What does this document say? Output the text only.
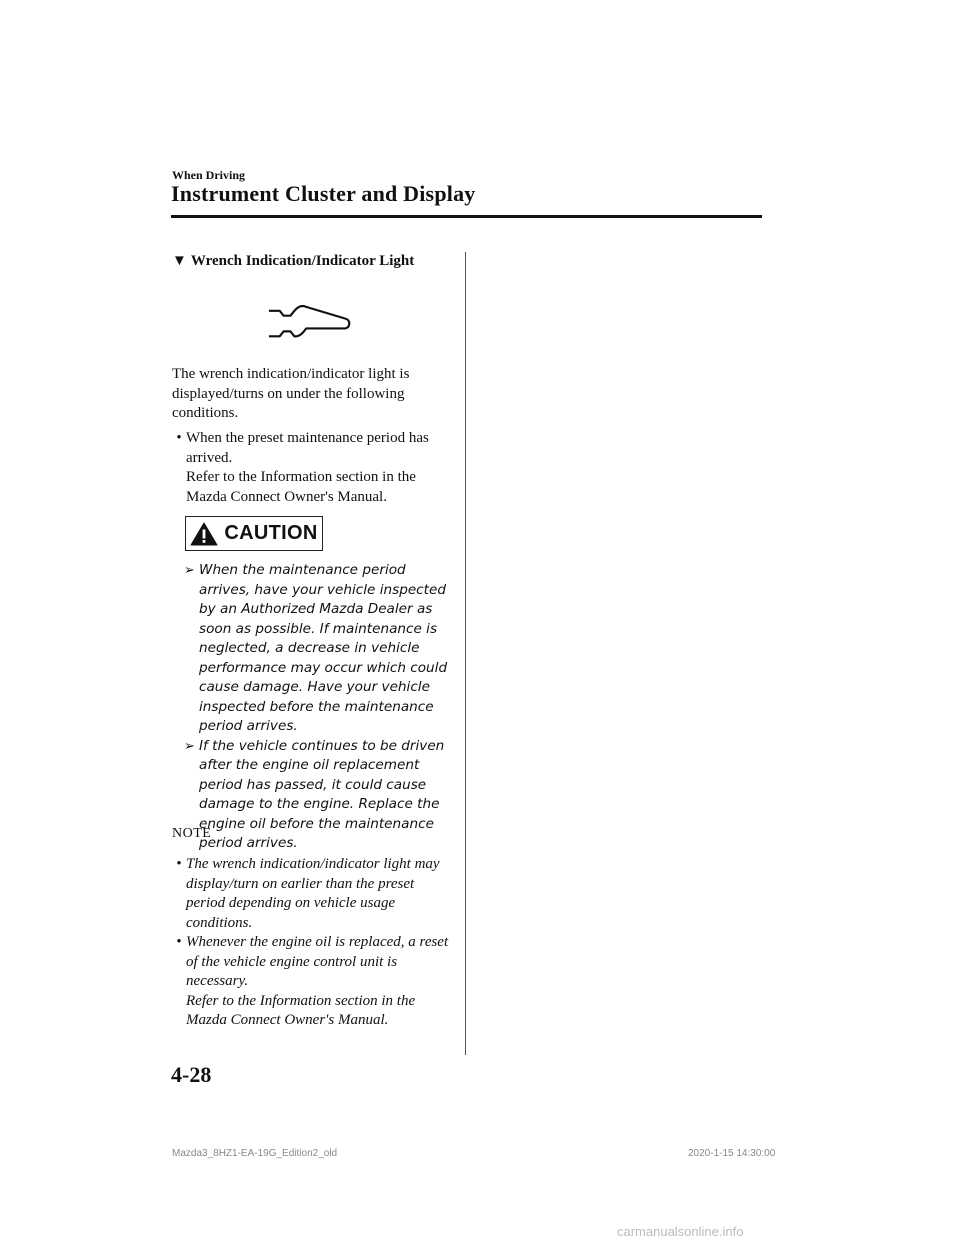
When Driving
Instrument Cluster and Display
▼ Wrench Indication/Indicator Light
The wrench indication/indicator light is displayed/turns on under the following conditions.
• When the preset maintenance period has arrived.
Refer to the Information section in the Mazda Connect Owner's Manual.
CAUTION
➢ When the maintenance period arrives, have your vehicle inspected by an Authorized Mazda Dealer as soon as possible. If maintenance is neglected, a decrease in vehicle performance may occur which could cause damage. Have your vehicle inspected before the maintenance period arrives.
➢ If the vehicle continues to be driven after the engine oil replacement period has passed, it could cause damage to the engine. Replace the engine oil before the maintenance period arrives.
NOTE
• The wrench indication/indicator light may display/turn on earlier than the preset period depending on vehicle usage conditions.
• Whenever the engine oil is replaced, a reset of the vehicle engine control unit is necessary.
Refer to the Information section in the Mazda Connect Owner's Manual.
4-28
Mazda3_8HZ1-EA-19G_Edition2_old	2020-1-15 14:30:00
carmanualsonline.info
